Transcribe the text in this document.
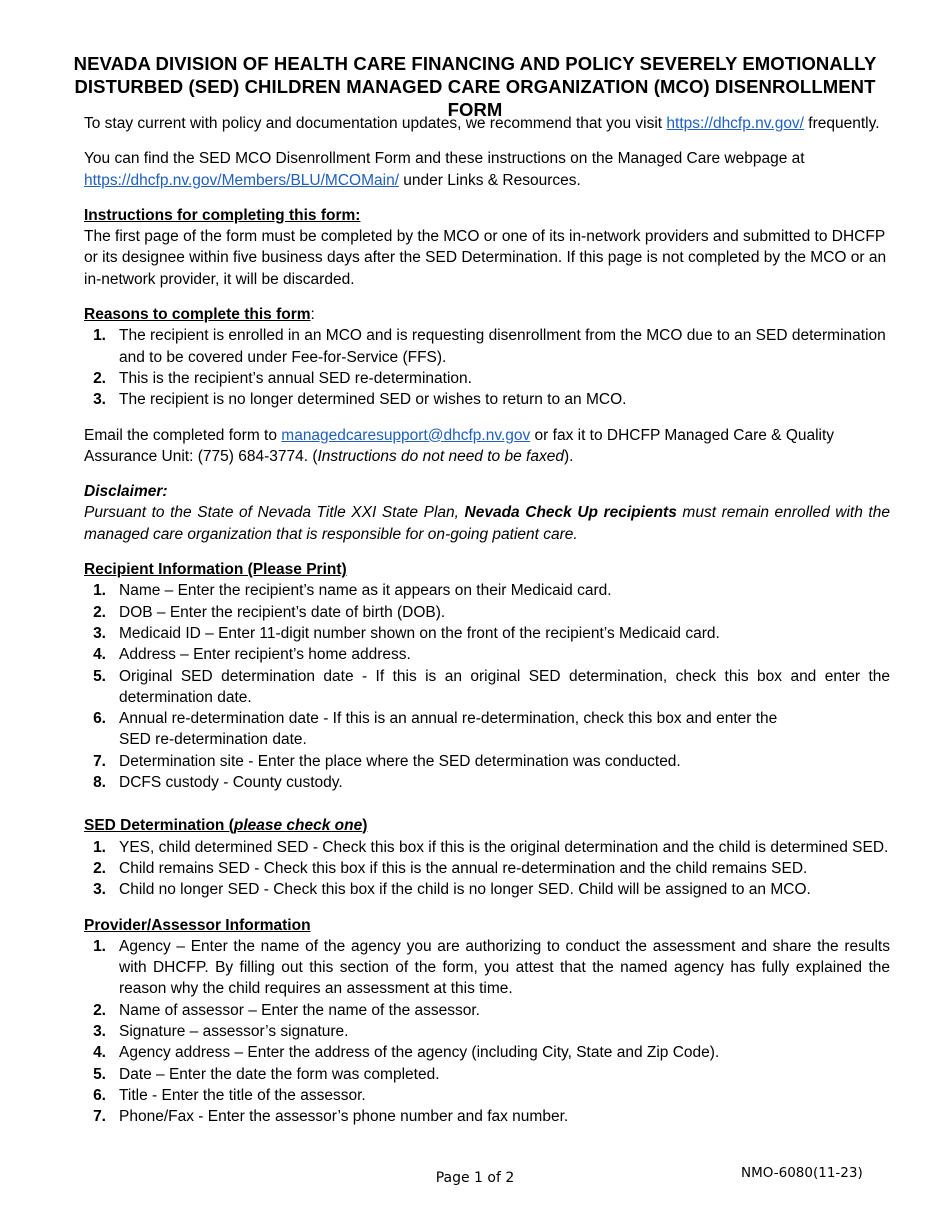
NEVADA DIVISION OF HEALTH CARE FINANCING AND POLICY SEVERELY EMOTIONALLY DISTURBED (SED) CHILDREN MANAGED CARE ORGANIZATION (MCO) DISENROLLMENT FORM

To stay current with policy and documentation updates, we recommend that you visit https://dhcfp.nv.gov/ frequently.

You can find the SED MCO Disenrollment Form and these instructions on the Managed Care webpage at https://dhcfp.nv.gov/Members/BLU/MCOMain/ under Links & Resources.

Instructions for completing this form:
The first page of the form must be completed by the MCO or one of its in-network providers and submitted to DHCFP or its designee within five business days after the SED Determination. If this page is not completed by the MCO or an in-network provider, it will be discarded.

Reasons to complete this form:
1. The recipient is enrolled in an MCO and is requesting disenrollment from the MCO due to an SED determination and to be covered under Fee-for-Service (FFS).
2. This is the recipient’s annual SED re-determination.
3. The recipient is no longer determined SED or wishes to return to an MCO.

Email the completed form to managedcaresupport@dhcfp.nv.gov or fax it to DHCFP Managed Care & Quality Assurance Unit: (775) 684-3774. (Instructions do not need to be faxed).

Disclaimer:
Pursuant to the State of Nevada Title XXI State Plan, Nevada Check Up recipients must remain enrolled with the managed care organization that is responsible for on-going patient care.

Recipient Information (Please Print)
1. Name – Enter the recipient’s name as it appears on their Medicaid card.
2. DOB – Enter the recipient’s date of birth (DOB).
3. Medicaid ID – Enter 11-digit number shown on the front of the recipient’s Medicaid card.
4. Address – Enter recipient’s home address.
5. Original SED determination date - If this is an original SED determination, check this box and enter the determination date.
6. Annual re-determination date - If this is an annual re-determination, check this box and enter the SED re-determination date.
7. Determination site - Enter the place where the SED determination was conducted.
8. DCFS custody - County custody.
SED Determination (please check one)
1. YES, child determined SED - Check this box if this is the original determination and the child is determined SED.
2. Child remains SED - Check this box if this is the annual re-determination and the child remains SED.
3. Child no longer SED - Check this box if the child is no longer SED. Child will be assigned to an MCO.
Provider/Assessor Information
1. Agency – Enter the name of the agency you are authorizing to conduct the assessment and share the results with DHCFP. By filling out this section of the form, you attest that the named agency has fully explained the reason why the child requires an assessment at this time.
2. Name of assessor – Enter the name of the assessor.
3. Signature – assessor’s signature.
4. Agency address – Enter the address of the agency (including City, State and Zip Code).
5. Date – Enter the date the form was completed.
6. Title - Enter the title of the assessor.
7. Phone/Fax - Enter the assessor’s phone number and fax number.
Page 1 of 2	NMO-6080(11-23)
